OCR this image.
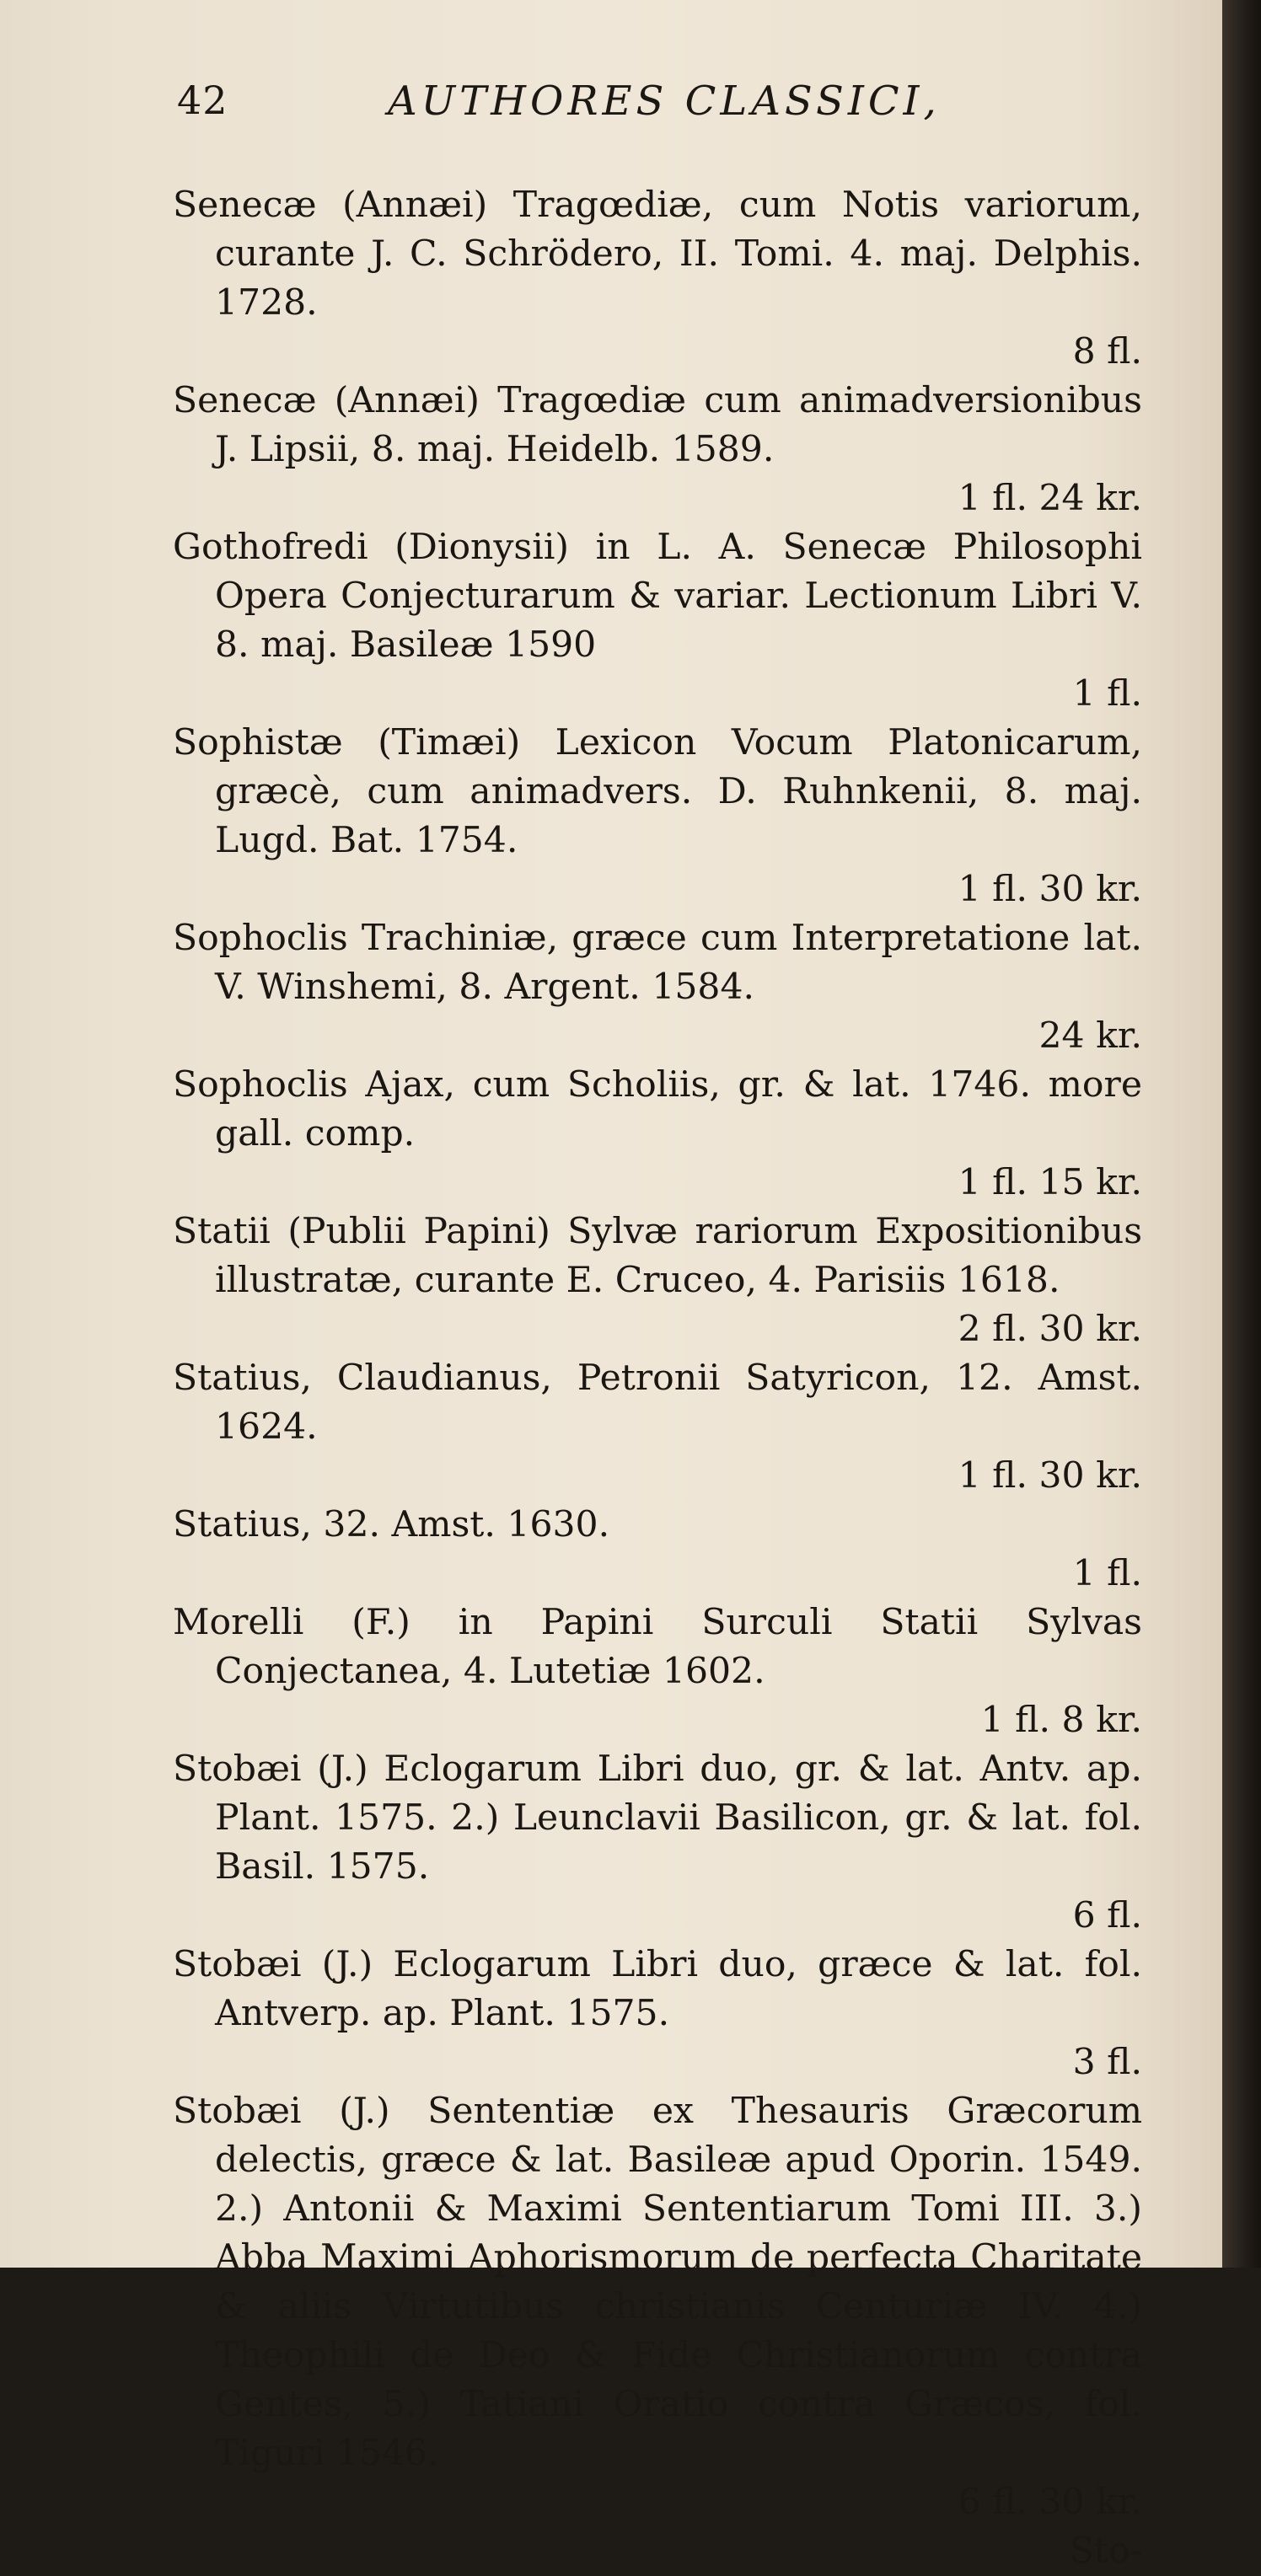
42	AUTHORES CLASSICI,

Senecæ (Annæi) Tragœdiæ, cum Notis variorum, curante J. C. Schrödero, II. Tomi. 4. maj. Delphis. 1728.
8 fl.

Senecæ (Annæi) Tragœdiæ cum animadversionibus J. Lipsii, 8. maj. Heidelb. 1589.
1 fl. 24 kr.

Gothofredi (Dionysii) in L. A. Senecæ Philosophi Opera Conjecturarum & variar. Lectionum Libri V. 8. maj. Basileæ 1590
1 fl.

Sophistæ (Timæi) Lexicon Vocum Platonicarum, græcè, cum animadvers. D. Ruhnkenii, 8. maj. Lugd. Bat. 1754.
1 fl. 30 kr.

Sophoclis Trachiniæ, græce cum Interpretatione lat. V. Winshemi, 8. Argent. 1584.
24 kr.

Sophoclis Ajax, cum Scholiis, gr. & lat. 1746. more gall. comp.
1 fl. 15 kr.

Statii (Publii Papini) Sylvæ rariorum Expositionibus illustratæ, curante E. Cruceo, 4. Parisiis 1618.
2 fl. 30 kr.

Statius, Claudianus, Petronii Satyricon, 12. Amst. 1624.
1 fl. 30 kr.

Statius, 32. Amst. 1630.
1 fl.

Morelli (F.) in Papini Surculi Statii Sylvas Conjectanea, 4. Lutetiæ 1602.
1 fl. 8 kr.

Stobæi (J.) Eclogarum Libri duo, gr. & lat. Antv. ap. Plant. 1575. 2.) Leunclavii Basilicon, gr. & lat. fol. Basil. 1575.
6 fl.

Stobæi (J.) Eclogarum Libri duo, græce & lat. fol. Antverp. ap. Plant. 1575.
3 fl.

Stobæi (J.) Sententiæ ex Thesauris Græcorum delectis, græce & lat. Basileæ apud Oporin. 1549. 2.) Antonii & Maximi Sententiarum Tomi III. 3.) Abba Maximi Aphorismorum de perfecta Charitate & aliis Virtutibus christianis Centuriæ IV. 4.) Theophili de Deo & Fide Christianorum contra Gentes, 5.) Tatiani Oratio contra Græcos, fol. Tiguri 1546.
6 fl. 30 kr.

Sto-
